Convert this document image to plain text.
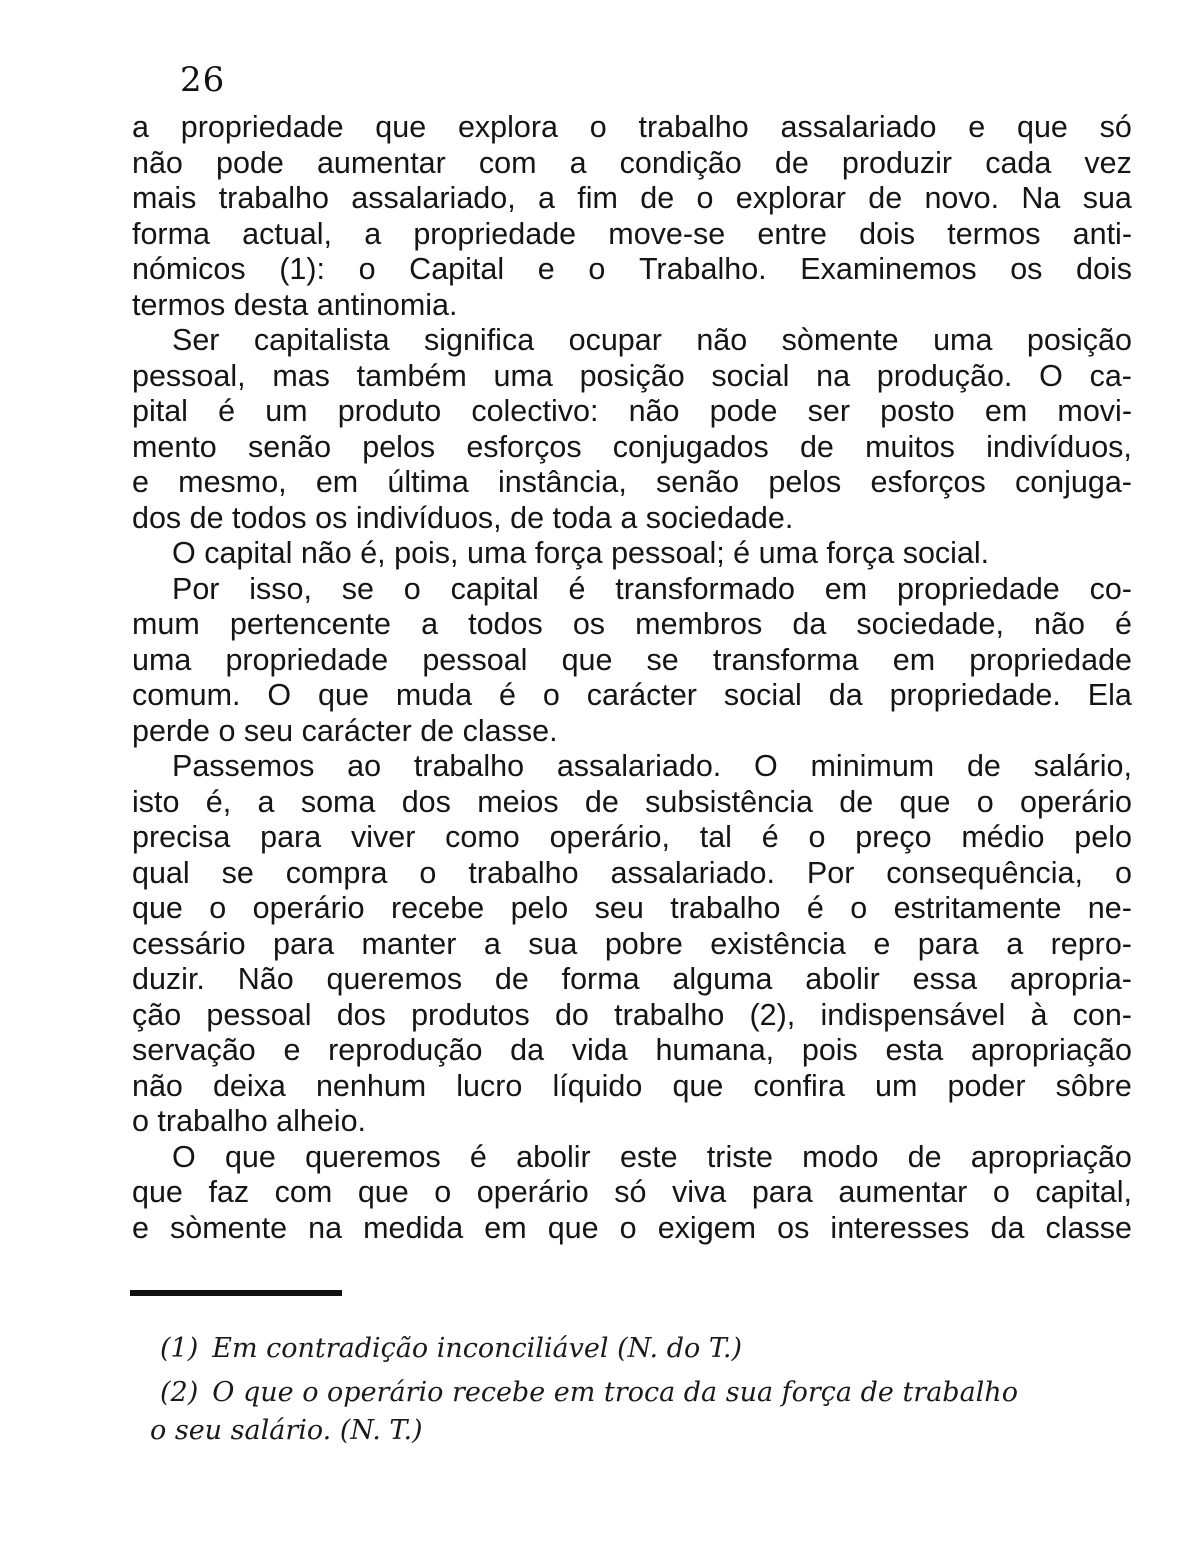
26
a propriedade que explora o trabalho assalariado e que só
não pode aumentar com a condição de produzir cada vez
mais trabalho assalariado, a fim de o explorar de novo. Na sua
forma actual, a propriedade move-se entre dois termos anti-
nómicos (1): o Capital e o Trabalho. Examinemos os dois
termos desta antinomia.
Ser capitalista significa ocupar não sòmente uma posição
pessoal, mas também uma posição social na produção. O ca-
pital é um produto colectivo: não pode ser posto em movi-
mento senão pelos esforços conjugados de muitos indivíduos,
e mesmo, em última instância, senão pelos esforços conjuga-
dos de todos os indivíduos, de toda a sociedade.
O capital não é, pois, uma força pessoal; é uma força social.
Por isso, se o capital é transformado em propriedade co-
mum pertencente a todos os membros da sociedade, não é
uma propriedade pessoal que se transforma em propriedade
comum. O que muda é o carácter social da propriedade. Ela
perde o seu carácter de classe.
Passemos ao trabalho assalariado. O minimum de salário,
isto é, a soma dos meios de subsistência de que o operário
precisa para viver como operário, tal é o preço médio pelo
qual se compra o trabalho assalariado. Por consequência, o
que o operário recebe pelo seu trabalho é o estritamente ne-
cessário para manter a sua pobre existência e para a repro-
duzir. Não queremos de forma alguma abolir essa apropria-
ção pessoal dos produtos do trabalho (2), indispensável à con-
servação e reprodução da vida humana, pois esta apropriação
não deixa nenhum lucro líquido que confira um poder sôbre
o trabalho alheio.
O que queremos é abolir este triste modo de apropriação
que faz com que o operário só viva para aumentar o capital,
e sòmente na medida em que o exigem os interesses da classe
(1) Em contradição inconciliável (N. do T.)
(2) O que o operário recebe em troca da sua força de trabalho
o seu salário. (N. T.)
